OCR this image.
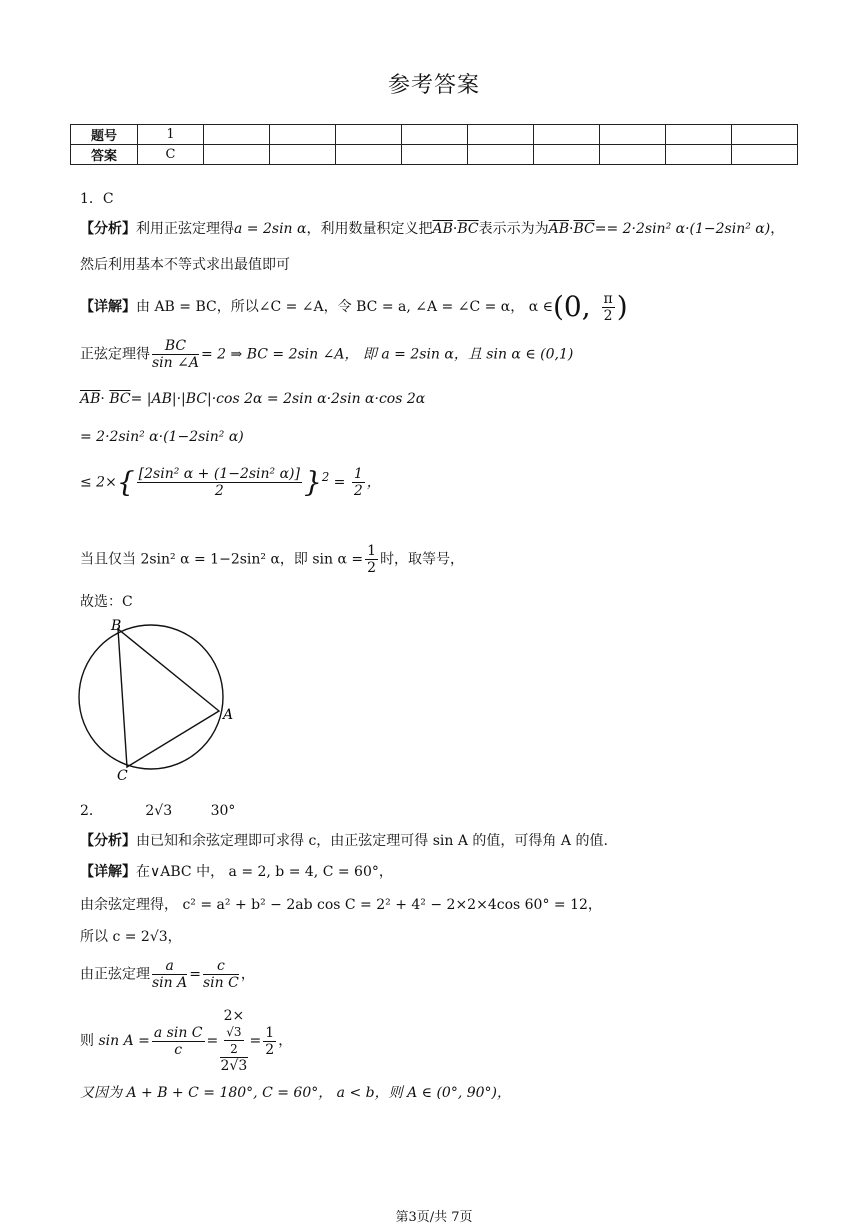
参考答案
题号	1									
答案	C									
1．C
【分析】利用正弦定理得a = 2sin α，利用数量积定义把$\overline{AB}\cdot\overline{BC}$表示示为为$\overline{AB}\cdot\overline{BC}== 2\cdot 2\sin^2$ α·(1−2sin² α)，
然后利用基本不等式求出最值即可
【详解】由 AB = BC，所以∠C = ∠A，令 BC = a, ∠A = ∠C = α， α ∈(0, $\frac{\pi}{2}$ )
正弦定理得 $\frac{BC}{\sin \angle A} = 2$ ⇒ BC = 2sin ∠A， 即 a = 2sin α，且 sin α ∈ (0,1)
$\overline{AB}\cdot \overline{BC}= |AB|\cdot|BC|\cdot\cos$ 2α = 2sin α·2sin α·cos 2α
= 2·2sin² α·(1−2sin² α)
≤ $2\times\{ \frac{\text{[2sin² α + (1−2sin² α)]}}{2} \}^2 = \frac{1}{2}$ ，
当且仅当 2sin² α = 1−2sin² α，即 $\sin \alpha = \frac{1}{2}$ 时，取等号，
故选：C
B
A
C
2．	2√3	30°
【分析】由已知和余弦定理即可求得 c，由正弦定理可得 sin A 的值，可得角 A 的值.
【详解】在∨ABC 中， a = 2, b = 4, C = 60°，
由余弦定理得， c² = a² + b² − 2ab cos C = 2² + 4² − 2×2×4cos 60° = 12，
所以 c = 2√3，
由正弦定理 $\frac{a}{\text{sin A}} = \frac{c}{\text{sin C}}$ ，
则 $\sin A = \frac{\text{a sin C}}{c} = 2\times$
√3
2
$2√3 = \frac{1}{2}$ ，
又因为 A + B + C = 180°, C = 60°， a < b，则 A ∈ (0°, 90°)，
第3页/共 7页
